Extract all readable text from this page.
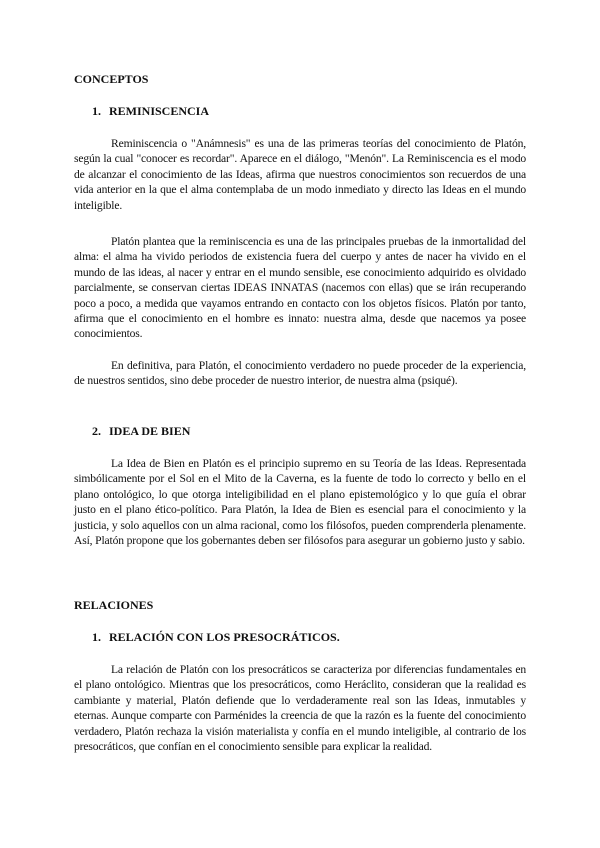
CONCEPTOS
1. REMINISCENCIA

Reminiscencia o "Anámnesis" es una de las primeras teorías del conocimiento de Platón, según la cual "conocer es recordar". Aparece en el diálogo, "Menón". La Reminiscencia es el modo de alcanzar el conocimiento de las Ideas, afirma que nuestros conocimientos son recuerdos de una vida anterior en la que el alma contemplaba de un modo inmediato y directo las Ideas en el mundo inteligible.

Platón plantea que la reminiscencia es una de las principales pruebas de la inmortalidad del alma: el alma ha vivido periodos de existencia fuera del cuerpo y antes de nacer ha vivido en el mundo de las ideas, al nacer y entrar en el mundo sensible, ese conocimiento adquirido es olvidado parcialmente, se conservan ciertas IDEAS INNATAS (nacemos con ellas) que se irán recuperando poco a poco, a medida que vayamos entrando en contacto con los objetos físicos. Platón por tanto, afirma que el conocimiento en el hombre es innato: nuestra alma, desde que nacemos ya posee conocimientos.

En definitiva, para Platón, el conocimiento verdadero no puede proceder de la experiencia, de nuestros sentidos, sino debe proceder de nuestro interior, de nuestra alma (psiqué).

2. IDEA DE BIEN

La Idea de Bien en Platón es el principio supremo en su Teoría de las Ideas. Representada simbólicamente por el Sol en el Mito de la Caverna, es la fuente de todo lo correcto y bello en el plano ontológico, lo que otorga inteligibilidad en el plano epistemológico y lo que guía el obrar justo en el plano ético-político. Para Platón, la Idea de Bien es esencial para el conocimiento y la justicia, y solo aquellos con un alma racional, como los filósofos, pueden comprenderla plenamente. Así, Platón propone que los gobernantes deben ser filósofos para asegurar un gobierno justo y sabio.

RELACIONES
1. RELACIÓN CON LOS PRESOCRÁTICOS.

La relación de Platón con los presocráticos se caracteriza por diferencias fundamentales en el plano ontológico. Mientras que los presocráticos, como Heráclito, consideran que la realidad es cambiante y material, Platón defiende que lo verdaderamente real son las Ideas, inmutables y eternas. Aunque comparte con Parménides la creencia de que la razón es la fuente del conocimiento verdadero, Platón rechaza la visión materialista y confía en el mundo inteligible, al contrario de los presocráticos, que confían en el conocimiento sensible para explicar la realidad.
